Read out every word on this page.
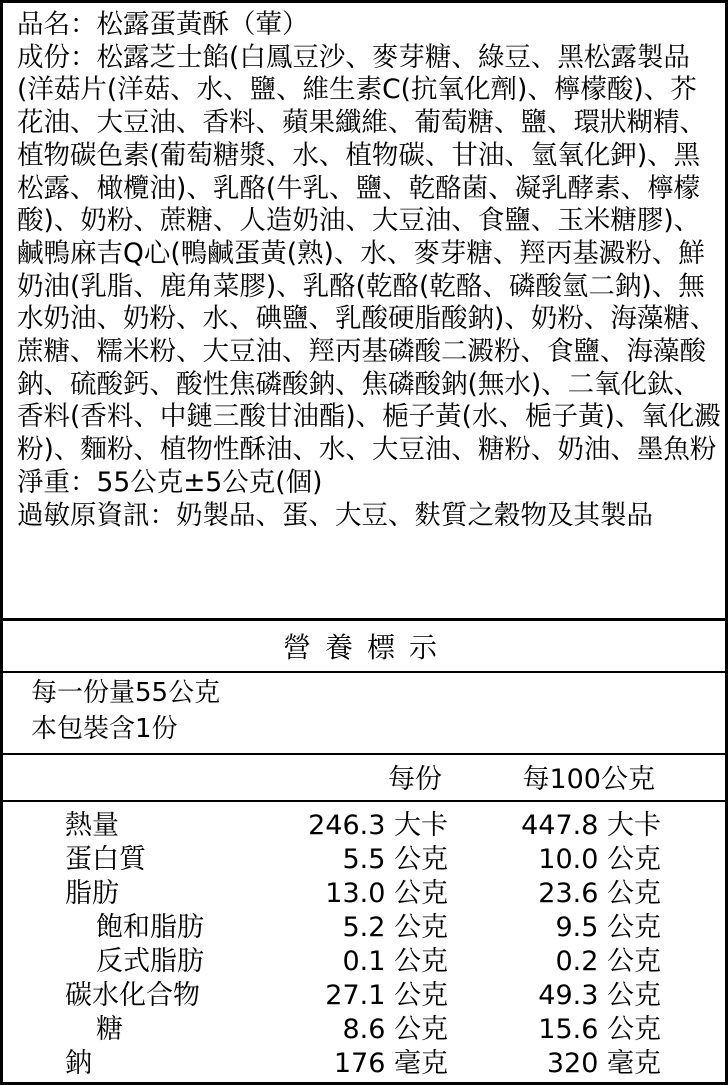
品名：松露蛋黃酥（葷）

成份：松露芝士餡(白鳳豆沙、麥芽糖、綠豆、黑松露製品(洋菇片(洋菇、水、鹽、維生素C(抗氧化劑)、檸檬酸)、芥花油、大豆油、香料、蘋果纖維、葡萄糖、鹽、環狀糊精、植物碳色素(葡萄糖漿、水、植物碳、甘油、氫氧化鉀)、黑松露、橄欖油)、乳酪(牛乳、鹽、乾酪菌、凝乳酵素、檸檬酸)、奶粉、蔗糖、人造奶油、大豆油、食鹽、玉米糖膠)、鹹鴨麻吉Q心(鴨鹹蛋黃(熟)、水、麥芽糖、羥丙基澱粉、鮮奶油(乳脂、鹿角菜膠)、乳酪(乾酪(乾酪、磷酸氫二鈉)、無水奶油、奶粉、水、碘鹽、乳酸硬脂酸鈉)、奶粉、海藻糖、蔗糖、糯米粉、大豆油、羥丙基磷酸二澱粉、食鹽、海藻酸鈉、硫酸鈣、酸性焦磷酸鈉、焦磷酸鈉(無水)、二氧化鈦、香料(香料、中鏈三酸甘油酯)、梔子黃(水、梔子黃)、氧化澱粉)、麵粉、植物性酥油、水、大豆油、糖粉、奶油、墨魚粉

淨重：55公克±5公克(個)

過敏原資訊：奶製品、蛋、大豆、麩質之穀物及其製品

營養標示
每一份量55公克
本包裝含1份
每份	每100公克
熱量	246.3 大卡	447.8 大卡
蛋白質	5.5 公克	10.0 公克
脂肪	13.0 公克	23.6 公克
飽和脂肪	5.2 公克	9.5 公克
反式脂肪	0.1 公克	0.2 公克
碳水化合物	27.1 公克	49.3 公克
糖	8.6 公克	15.6 公克
鈉	176 毫克	320 毫克
